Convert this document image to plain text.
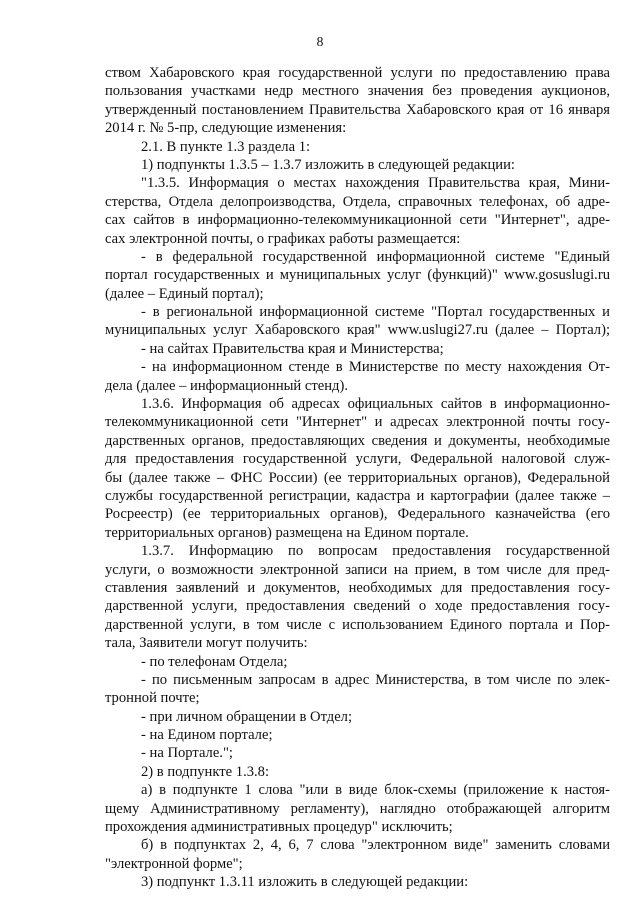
8
ством Хабаровского края государственной услуги по предоставлению права
пользования участками недр местного значения без проведения аукционов,
утвержденный постановлением Правительства Хабаровского края от 16 января
2014 г. № 5-пр, следующие изменения:
2.1. В пункте 1.3 раздела 1:
1) подпункты 1.3.5 – 1.3.7 изложить в следующей редакции:
"1.3.5. Информация о местах нахождения Правительства края, Мини-
стерства, Отдела делопроизводства, Отдела, справочных телефонах, об адре-
сах сайтов в информационно-телекоммуникационной сети "Интернет", адре-
сах электронной почты, о графиках работы размещается:
- в федеральной государственной информационной системе "Единый
портал государственных и муниципальных услуг (функций)" www.gosuslugi.ru
(далее – Единый портал);
- в региональной информационной системе "Портал государственных и
муниципальных услуг Хабаровского края" www.uslugi27.ru (далее – Портал);
- на сайтах Правительства края и Министерства;
- на информационном стенде в Министерстве по месту нахождения От-
дела (далее – информационный стенд).
1.3.6. Информация об адресах официальных сайтов в информационно-
телекоммуникационной сети "Интернет" и адресах электронной почты госу-
дарственных органов, предоставляющих сведения и документы, необходимые
для предоставления государственной услуги, Федеральной налоговой служ-
бы (далее также – ФНС России) (ее территориальных органов), Федеральной
службы государственной регистрации, кадастра и картографии (далее также –
Росреестр) (ее территориальных органов), Федерального казначейства (его
территориальных органов) размещена на Едином портале.
1.3.7. Информацию по вопросам предоставления государственной
услуги, о возможности электронной записи на прием, в том числе для пред-
ставления заявлений и документов, необходимых для предоставления госу-
дарственной услуги, предоставления сведений о ходе предоставления госу-
дарственной услуги, в том числе с использованием Единого портала и Пор-
тала, Заявители могут получить:
- по телефонам Отдела;
- по письменным запросам в адрес Министерства, в том числе по элек-
тронной почте;
- при личном обращении в Отдел;
- на Едином портале;
- на Портале.";
2) в подпункте 1.3.8:
а) в подпункте 1 слова "или в виде блок-схемы (приложение к настоя-
щему Административному регламенту), наглядно отображающей алгоритм
прохождения административных процедур" исключить;
б) в подпунктах 2, 4, 6, 7 слова "электронном виде" заменить словами
"электронной форме";
3) подпункт 1.3.11 изложить в следующей редакции:
